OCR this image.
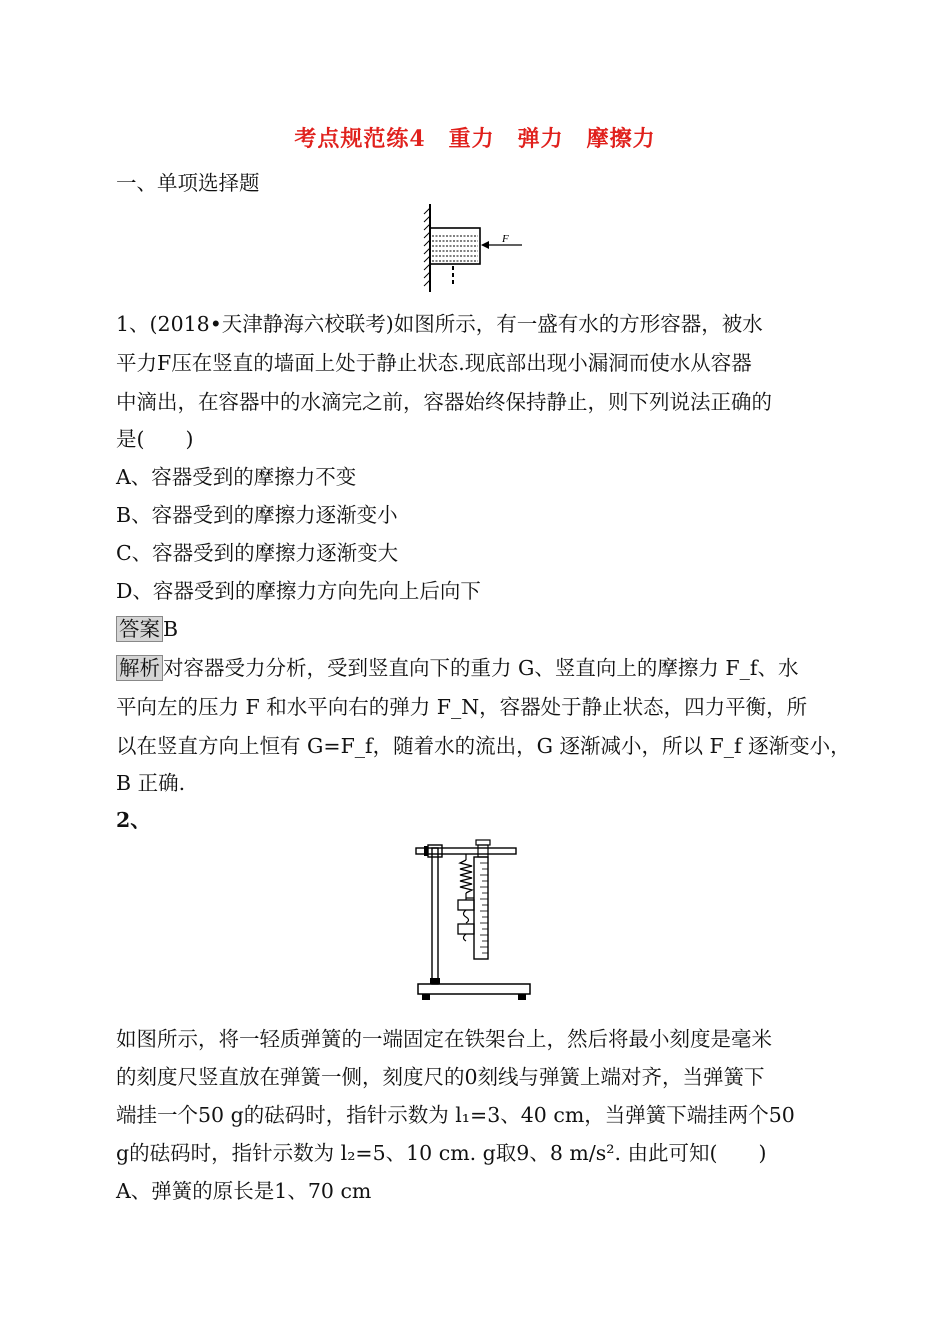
考点规范练4　重力　弹力　摩擦力
一、单项选择题
F
1、(2018•天津静海六校联考)如图所示，有一盛有水的方形容器，被水
平力F压在竖直的墙面上处于静止状态.现底部出现小漏洞而使水从容器
中滴出，在容器中的水滴完之前，容器始终保持静止，则下列说法正确的
是(　　)
A、容器受到的摩擦力不变
B、容器受到的摩擦力逐渐变小
C、容器受到的摩擦力逐渐变大
D、容器受到的摩擦力方向先向上后向下
答案 B
解析 对容器受力分析，受到竖直向下的重力 G、竖直向上的摩擦力 F_f、水
平向左的压力 F 和水平向右的弹力 F_N，容器处于静止状态，四力平衡，所
以在竖直方向上恒有 G=F_f，随着水的流出，G 逐渐减小，所以 F_f 逐渐变小，
B 正确.
2、
如图所示，将一轻质弹簧的一端固定在铁架台上，然后将最小刻度是毫米
的刻度尺竖直放在弹簧一侧，刻度尺的0刻线与弹簧上端对齐，当弹簧下
端挂一个50 g的砝码时，指针示数为 l₁=3、40 cm，当弹簧下端挂两个50
g的砝码时，指针示数为 l₂=5、10 cm. g取9、8 m/s². 由此可知(　　)
A、弹簧的原长是1、70 cm
